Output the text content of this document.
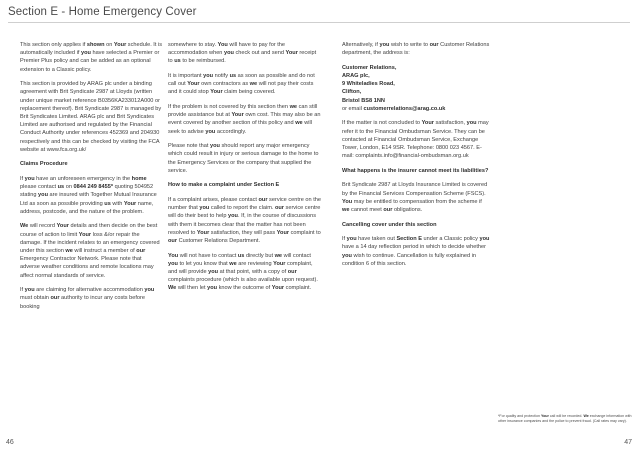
Section E - Home Emergency Cover

This section only applies if shown on Your schedule. It is automatically included if you have selected a Premier or Premier Plus policy and can be added as an optional extension to a Classic policy.

This section is provided by ARAG plc under a binding agreement with Brit Syndicate 2987 at Lloyds (written under unique market reference B0356KA233012A000 or replacement thereof). Brit Syndicate 2987 is managed by Brit Syndicates Limited. ARAG plc and Brit Syndicates Limited are authorised and regulated by the Financial Conduct Authority under references 452369 and 204930 respectively and this can be checked by visiting the FCA website at www.fca.org.uk/

Claims Procedure

If you have an unforeseen emergency in the home please contact us on 0844 249 8455* quoting 504952 stating you are insured with Together Mutual Insurance Ltd as soon as possible providing us with Your name, address, postcode, and the nature of the problem.

We will record Your details and then decide on the best course of action to limit Your loss &/or repair the damage. If the incident relates to an emergency covered under this section we will instruct a member of our Emergency Contractor Network. Please note that adverse weather conditions and remote locations may affect normal standards of service.

If you are claiming for alternative accommodation you must obtain our authority to incur any costs before booking

somewhere to stay. You will have to pay for the accommodation when you check out and send Your receipt to us to be reimbursed.

It is important you notify us as soon as possible and do not call out Your own contractors as we will not pay their costs and it could stop Your claim being covered.

If the problem is not covered by this section then we can still provide assistance but at Your own cost. This may also be an event covered by another section of this policy and we will seek to advise you accordingly.

Please note that you should report any major emergency which could result in injury or serious damage to the home to the Emergency Services or the company that supplied the service.

How to make a complaint under Section E

If a complaint arises, please contact our service centre on the number that you called to report the claim. our service centre will do their best to help you. If, in the course of discussions with them it becomes clear that the matter has not been resolved to Your satisfaction, they will pass Your complaint to our Customer Relations Department.

You will not have to contact us directly but we will contact you to let you know that we are reviewing Your complaint, and will provide you at that point, with a copy of our complaints procedure (which is also available upon request). We will then let you know the outcome of Your complaint.

Alternatively, if you wish to write to our Customer Relations department, the address is:

Customer Relations,
ARAG plc,
9 Whiteladies Road,
Clifton,
Bristol BS8 1NN

or email customerrelations@arag.co.uk

If the matter is not concluded to Your satisfaction, you may refer it to the Financial Ombudsman Service. They can be contacted at Financial Ombudsman Service, Exchange Tower, London, E14 9SR. Telephone: 0800 023 4567. E-mail: complaints.info@financial-ombudsman.org.uk

What happens is the insurer cannot meet its liabilities?

Brit Syndicate 2987 at Lloyds Insurance Limited is covered by the Financial Services Compensation Scheme (FSCS). You may be entitled to compensation from the scheme if we cannot meet our obligations.

Cancelling cover under this section

If you have taken out Section E under a Classic policy you have a 14 day reflection period in which to decide whether you wish to continue. Cancellation is fully explained in condition 6 of this section.

*For quality and protection Your call will be recorded. We exchange information with other insurance companies and the police to prevent fraud. (Call rates may vary).
46	47
